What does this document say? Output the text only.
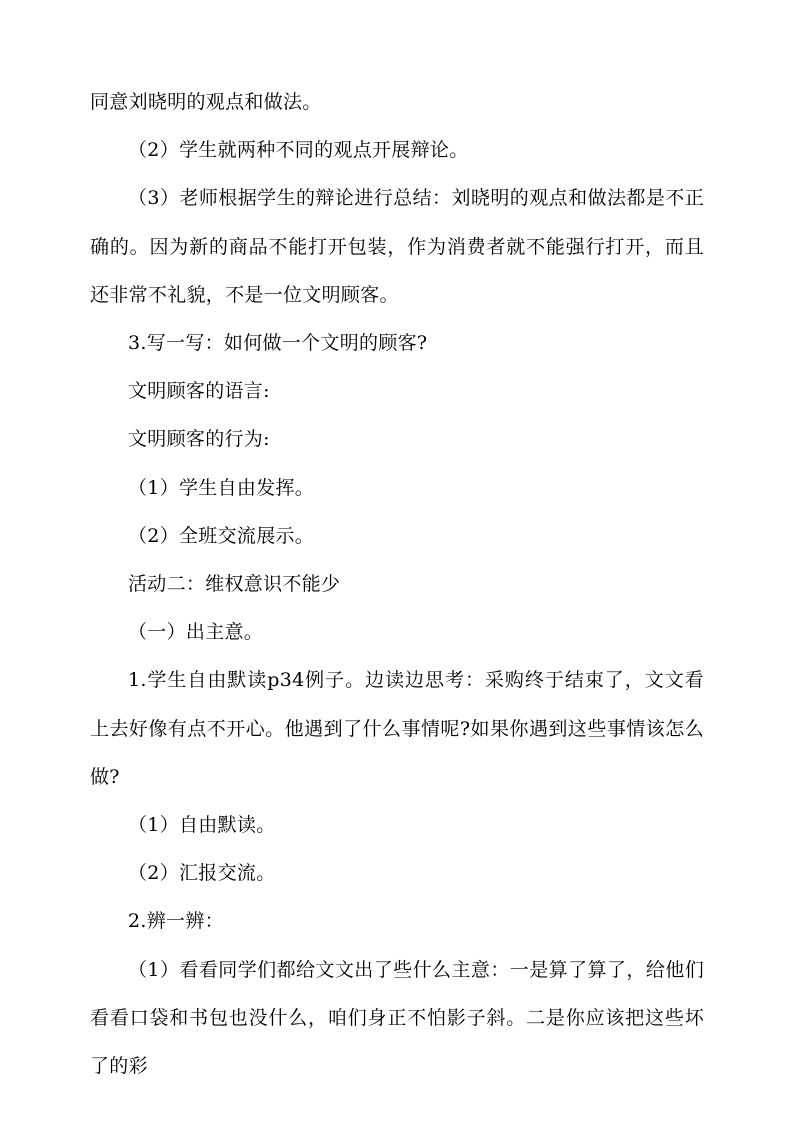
同意刘晓明的观点和做法。

（2）学生就两种不同的观点开展辩论。

（3）老师根据学生的辩论进行总结：刘晓明的观点和做法都是不正确的。因为新的商品不能打开包装，作为消费者就不能强行打开，而且还非常不礼貌，不是一位文明顾客。

3.写一写：如何做一个文明的顾客?

文明顾客的语言:

文明顾客的行为:

（1）学生自由发挥。

（2）全班交流展示。

活动二：维权意识不能少

（一）出主意。

1.学生自由默读p34例子。边读边思考：采购终于结束了，文文看上去好像有点不开心。他遇到了什么事情呢?如果你遇到这些事情该怎么做?

（1）自由默读。

（2）汇报交流。

2.辨一辨：

（1）看看同学们都给文文出了些什么主意：一是算了算了，给他们看看口袋和书包也没什么，咱们身正不怕影子斜。二是你应该把这些坏了的彩
